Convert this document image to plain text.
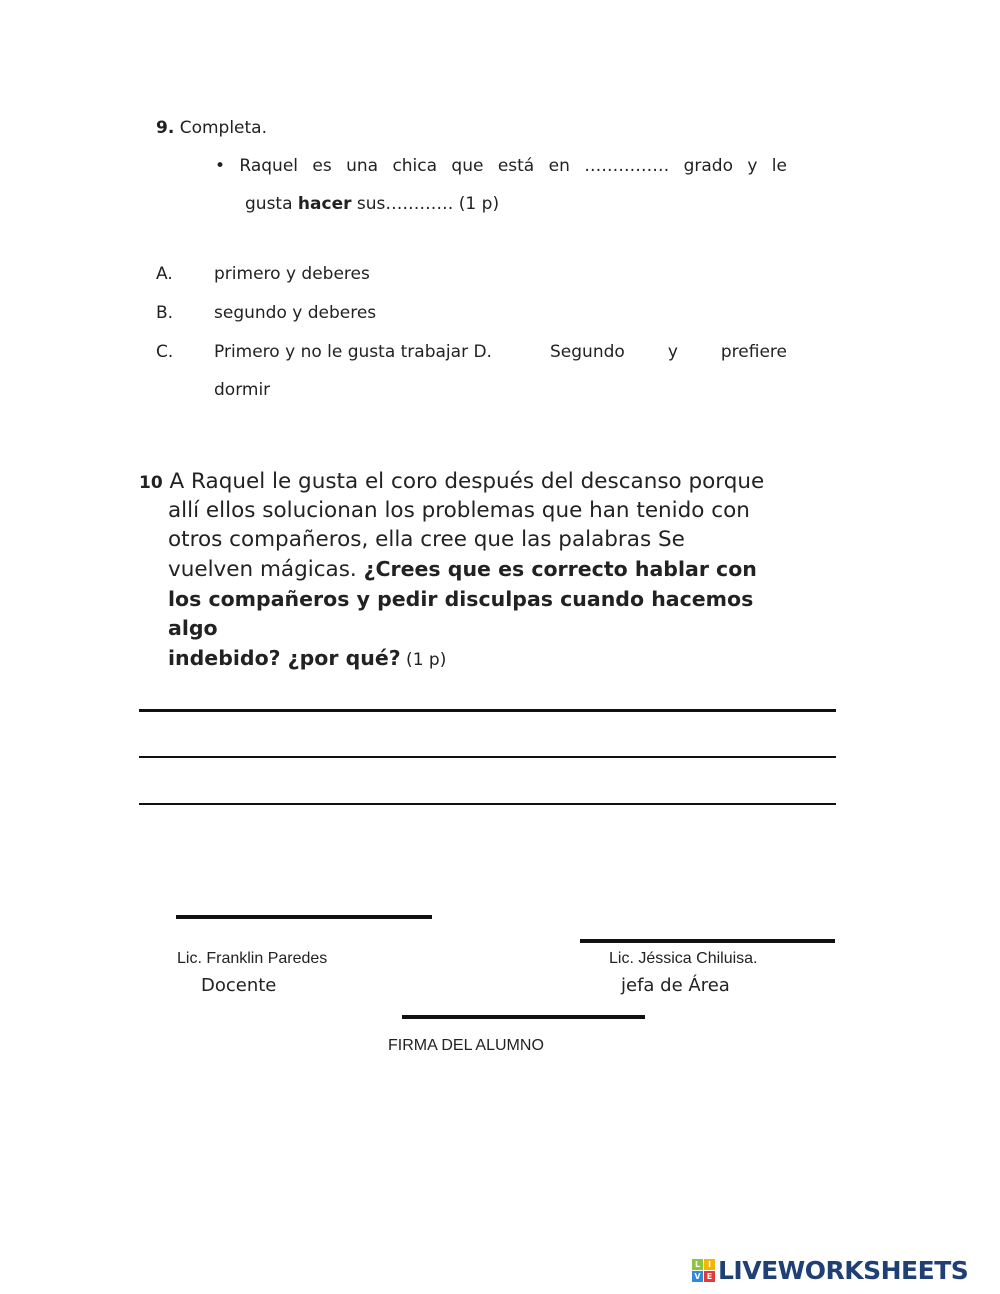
9. Completa.
• Raquel es una chica que está en …………… grado y le
gusta hacer sus………… (1 p)
A. primero y deberes
B. segundo y deberes
C. Primero y no le gusta trabajar D.	Segundo	y	prefiere
dormir
10 A Raquel le gusta el coro después del descanso porque
allí ellos solucionan los problemas que han tenido con
otros compañeros, ella cree que las palabras Se
vuelven mágicas. ¿Crees que es correcto hablar con
los compañeros y pedir disculpas cuando hacemos
algo
indebido? ¿por qué? (1 p)
Lic. Franklin Paredes
Docente
Lic. Jéssica Chiluisa.
jefa de Área
FIRMA DEL ALUMNO
L I
V E LIVEWORKSHEETS
